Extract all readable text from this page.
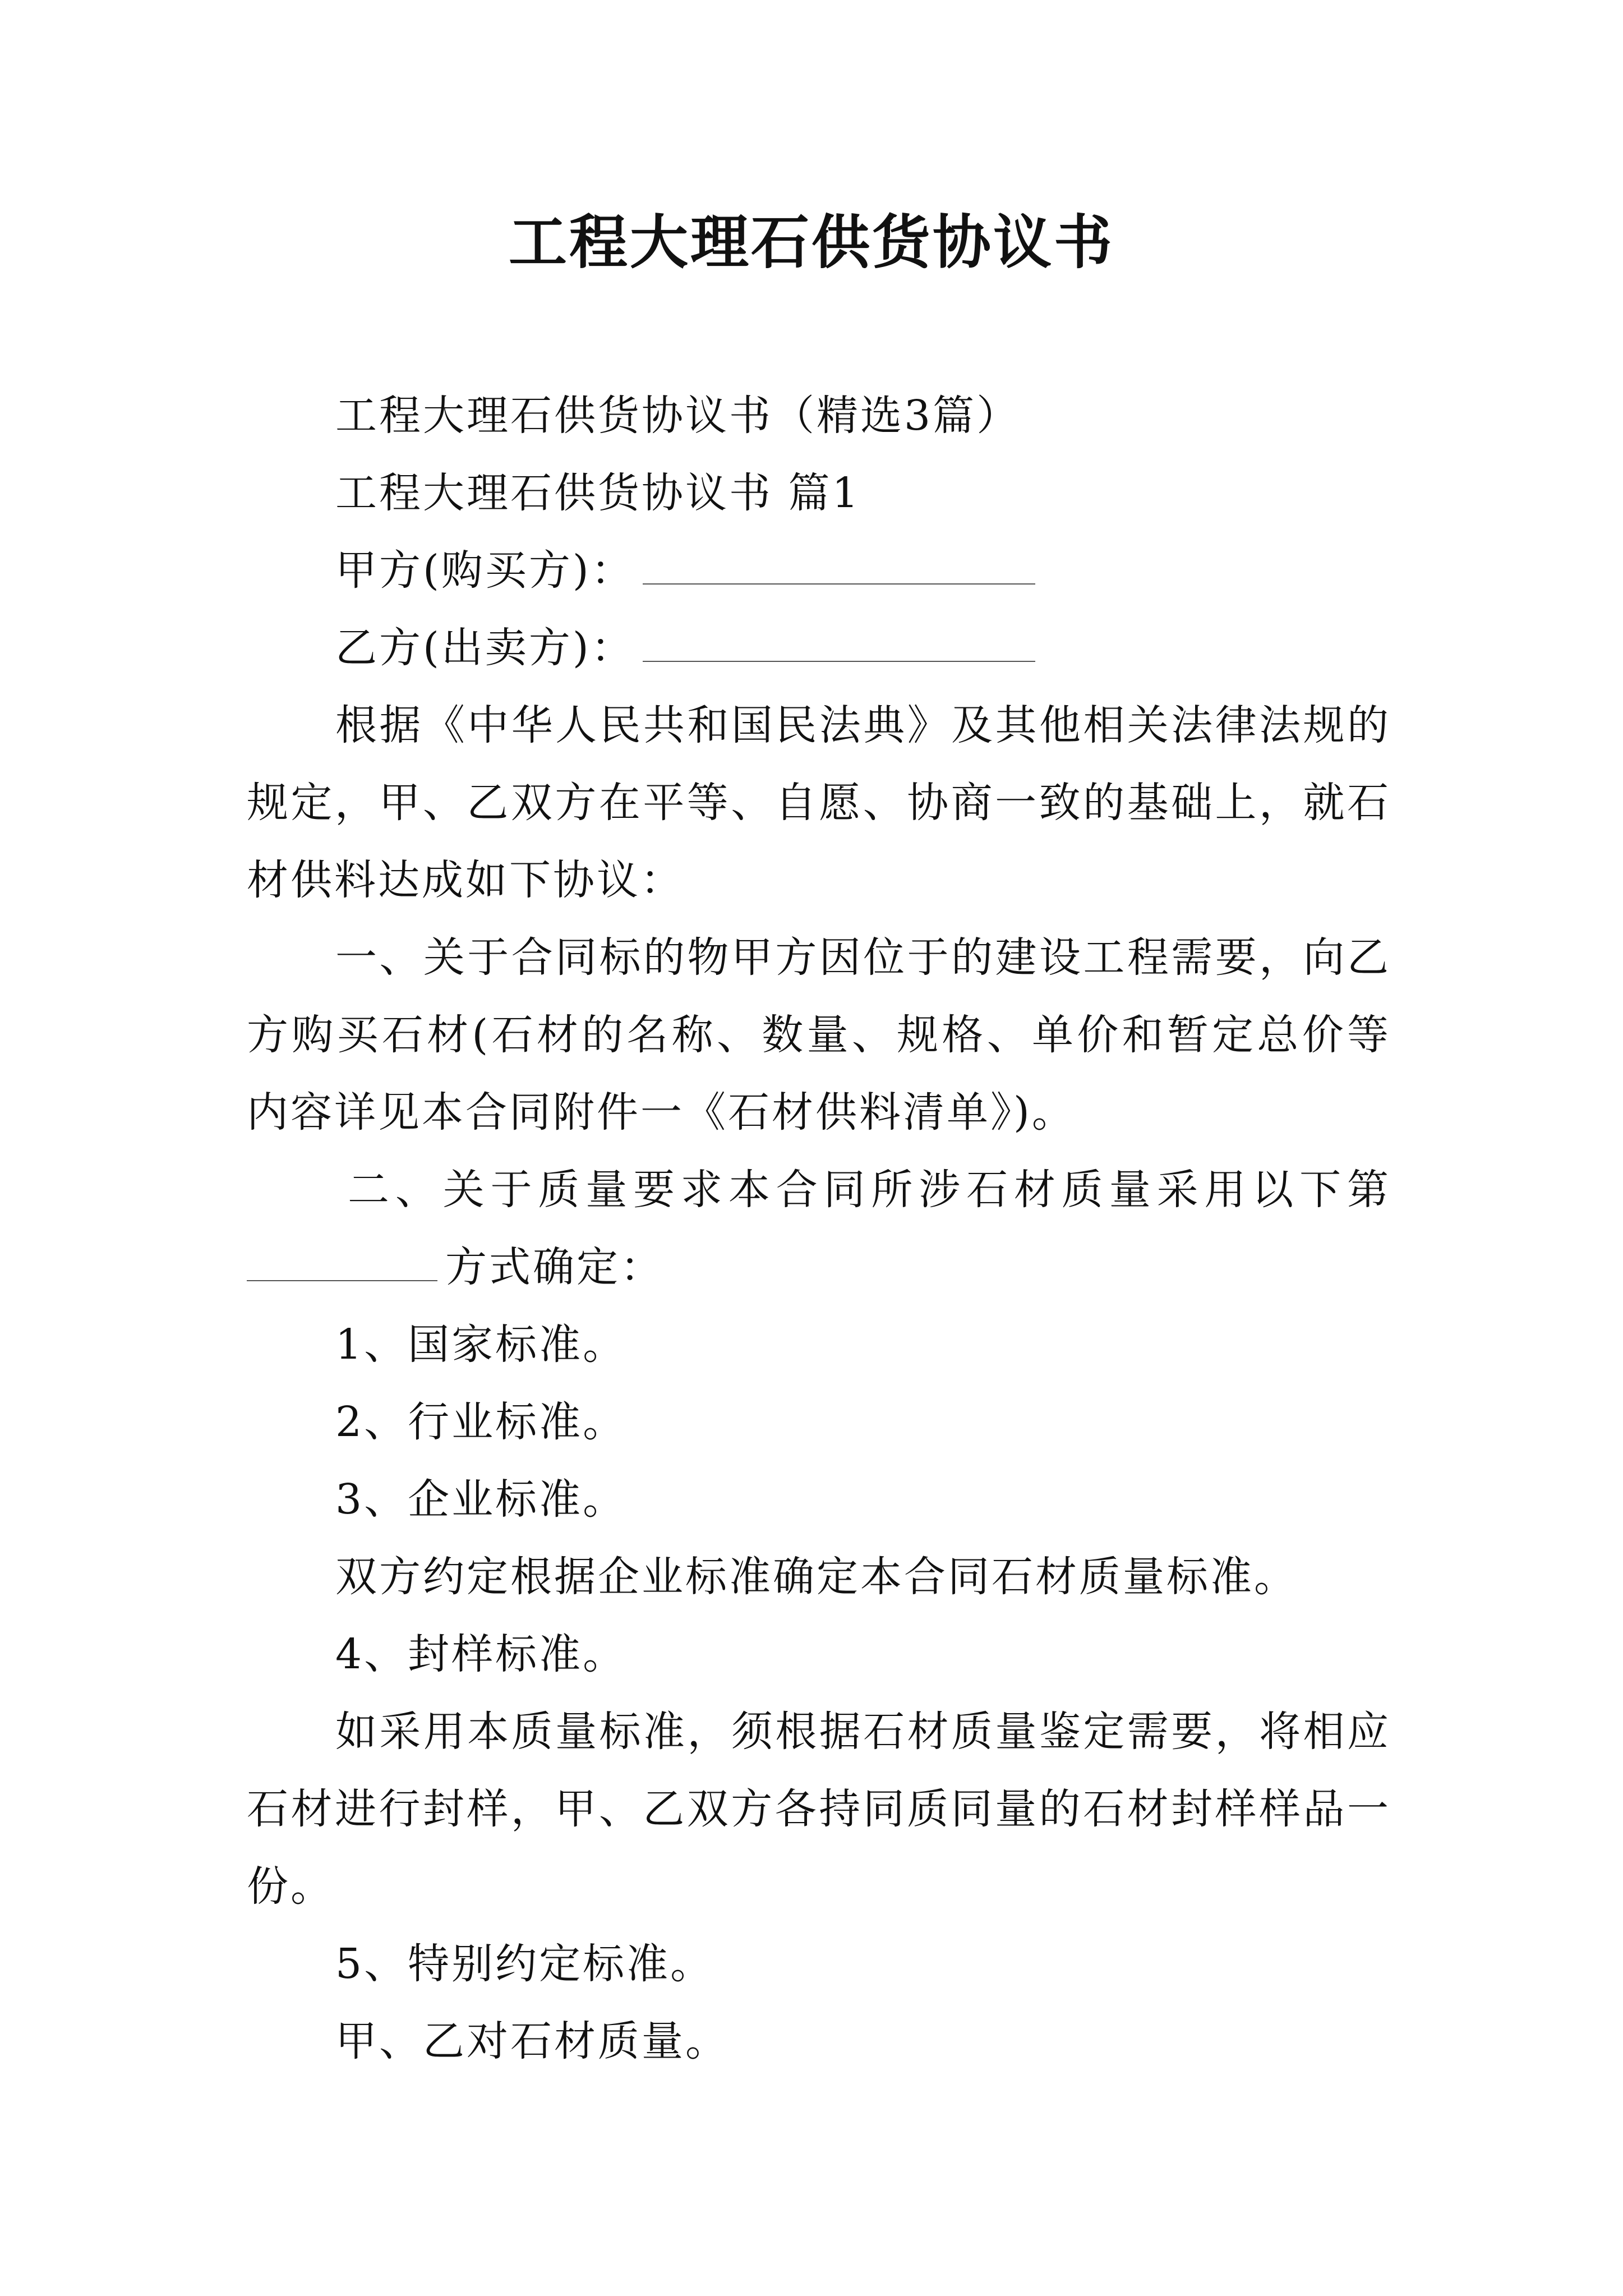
工程大理石供货协议书
工程大理石供货协议书（精选3篇）
工程大理石供货协议书 篇1
甲方(购买方)：
乙方(出卖方)：
根据《中华人民共和国民法典》及其他相关法律法规的
规定，甲、乙双方在平等、自愿、协商一致的基础上，就石
材供料达成如下协议：
一、关于合同标的物甲方因位于的建设工程需要，向乙
方购买石材(石材的名称、数量、规格、单价和暂定总价等
内容详见本合同附件一《石材供料清单》)。
二、关于质量要求本合同所涉石材质量采用以下第
方式确定：
1、国家标准。
2、行业标准。
3、企业标准。
双方约定根据企业标准确定本合同石材质量标准。
4、封样标准。
如采用本质量标准，须根据石材质量鉴定需要，将相应
石材进行封样，甲、乙双方各持同质同量的石材封样样品一
份。
5、特别约定标准。
甲、乙对石材质量。
